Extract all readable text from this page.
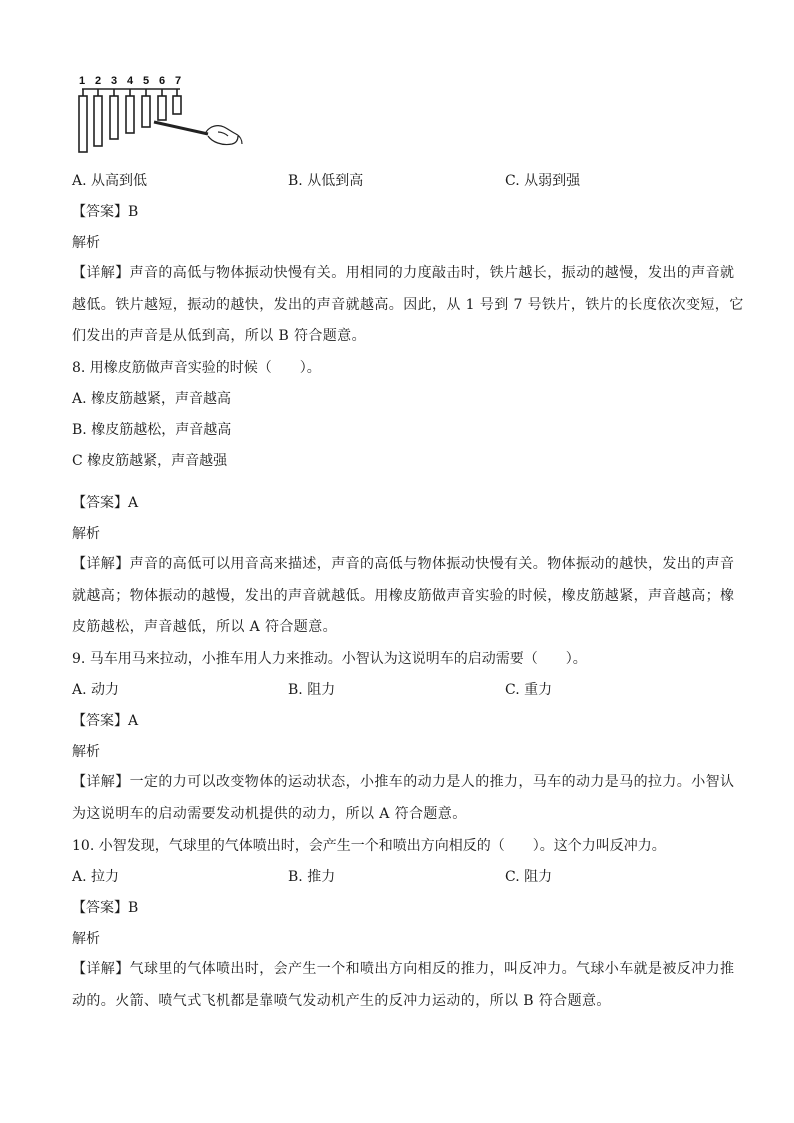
1 2 3 4 5 6 7
A. 从高到低	B. 从低到高	C. 从弱到强
【答案】B
解析
【详解】声音的高低与物体振动快慢有关。用相同的力度敲击时，铁片越长，振动的越慢，发出的声音就
越低。铁片越短，振动的越快，发出的声音就越高。因此，从 1 号到 7 号铁片，铁片的长度依次变短，它
们发出的声音是从低到高，所以 B 符合题意。
8. 用橡皮筋做声音实验的时候（　　）。
A. 橡皮筋越紧，声音越高
B. 橡皮筋越松，声音越高
C 橡皮筋越紧，声音越强
【答案】A
解析
【详解】声音的高低可以用音高来描述，声音的高低与物体振动快慢有关。物体振动的越快，发出的声音
就越高；物体振动的越慢，发出的声音就越低。用橡皮筋做声音实验的时候，橡皮筋越紧，声音越高；橡
皮筋越松，声音越低，所以 A 符合题意。
9. 马车用马来拉动，小推车用人力来推动。小智认为这说明车的启动需要（　　）。
A. 动力	B. 阻力	C. 重力
【答案】A
解析
【详解】一定的力可以改变物体的运动状态，小推车的动力是人的推力，马车的动力是马的拉力。小智认
为这说明车的启动需要发动机提供的动力，所以 A 符合题意。
10. 小智发现，气球里的气体喷出时，会产生一个和喷出方向相反的（　　）。这个力叫反冲力。
A. 拉力	B. 推力	C. 阻力
【答案】B
解析
【详解】气球里的气体喷出时，会产生一个和喷出方向相反的推力，叫反冲力。气球小车就是被反冲力推
动的。火箭、喷气式飞机都是靠喷气发动机产生的反冲力运动的，所以 B 符合题意。
